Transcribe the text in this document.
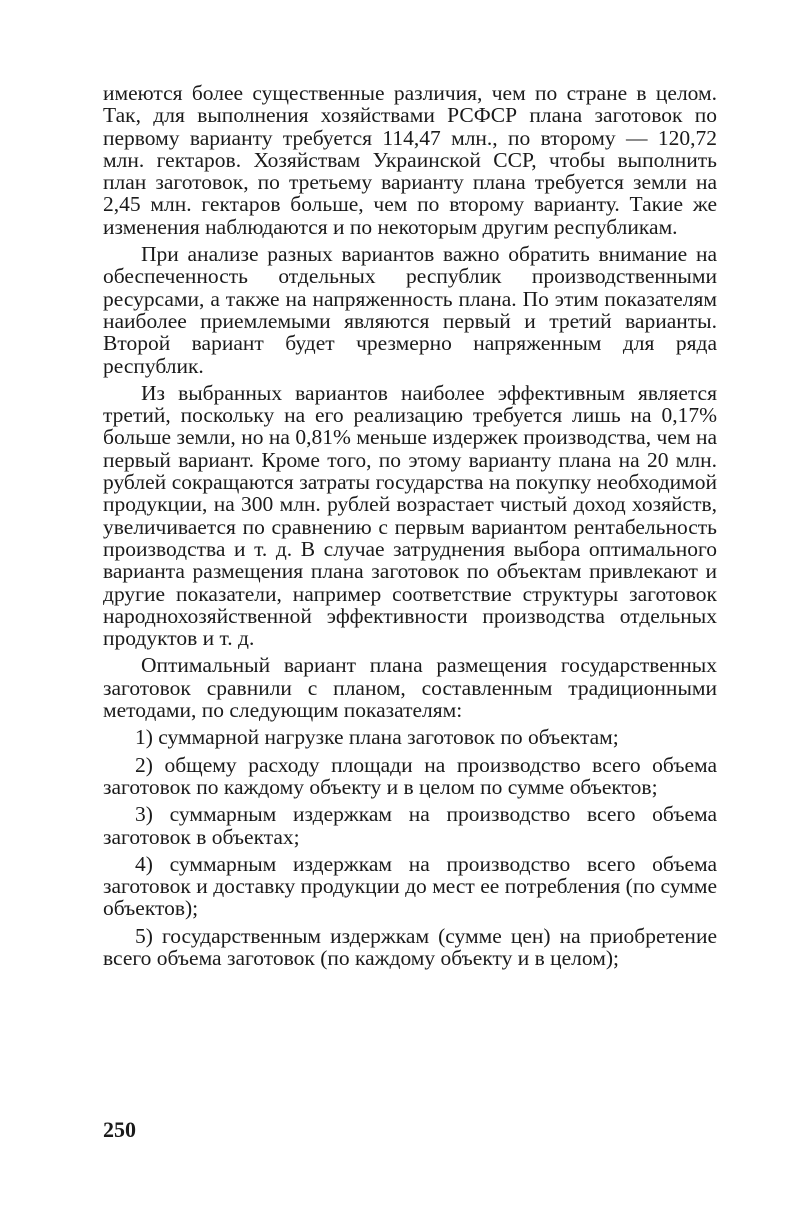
имеются более существенные различия, чем по стране в целом. Так, для выполнения хозяйствами РСФСР плана заготовок по первому варианту требуется 114,47 млн., по второму — 120,72 млн. гектаров. Хозяйствам Украинской ССР, чтобы выполнить план заготовок, по третьему варианту плана требуется земли на 2,45 млн. гектаров больше, чем по второму варианту. Такие же изменения наблюдаются и по некоторым другим республикам.

При анализе разных вариантов важно обратить внимание на обеспеченность отдельных республик производственными ресурсами, а также на напряженность плана. По этим показателям наиболее приемлемыми являются первый и третий варианты. Второй вариант будет чрезмерно напряженным для ряда республик.

Из выбранных вариантов наиболее эффективным является третий, поскольку на его реализацию требуется лишь на 0,17% больше земли, но на 0,81% меньше издержек производства, чем на первый вариант. Кроме того, по этому варианту плана на 20 млн. рублей сокращаются затраты государства на покупку необходимой продукции, на 300 млн. рублей возрастает чистый доход хозяйств, увеличивается по сравнению с первым вариантом рентабельность производства и т. д. В случае затруднения выбора оптимального варианта размещения плана заготовок по объектам привлекают и другие показатели, например соответствие структуры заготовок народнохозяйственной эффективности производства отдельных продуктов и т. д.

Оптимальный вариант плана размещения государственных заготовок сравнили с планом, составленным традиционными методами, по следующим показателям:

1) суммарной нагрузке плана заготовок по объектам;

2) общему расходу площади на производство всего объема заготовок по каждому объекту и в целом по сумме объектов;

3) суммарным издержкам на производство всего объема заготовок в объектах;

4) суммарным издержкам на производство всего объема заготовок и доставку продукции до мест ее потребления (по сумме объектов);

5) государственным издержкам (сумме цен) на приобретение всего объема заготовок (по каждому объекту и в целом);

250
